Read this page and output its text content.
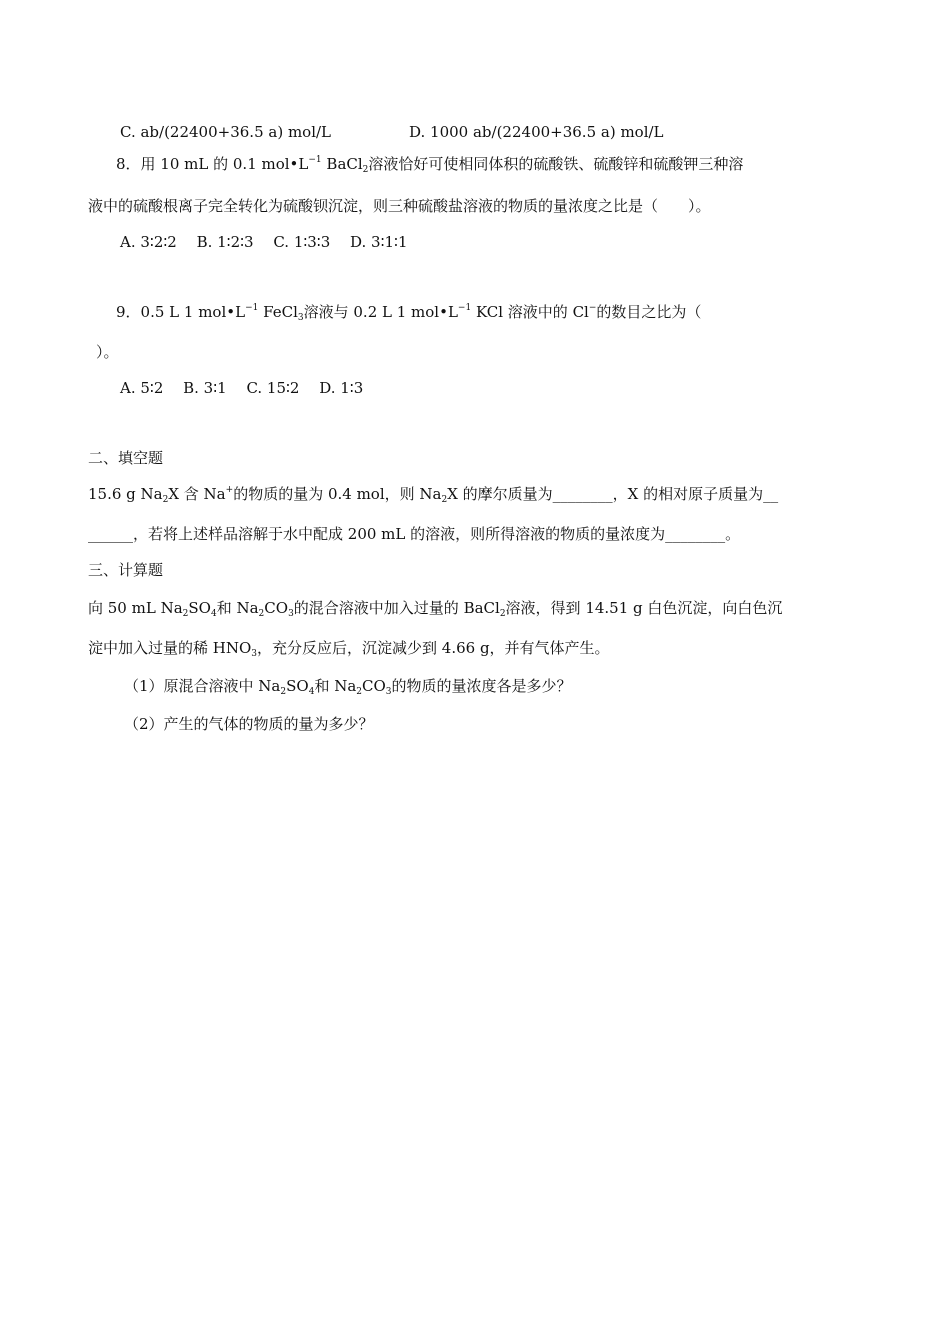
C. ab/(22400+36.5 a) mol/L	D. 1000 ab/(22400+36.5 a) mol/L
8．用 10 mL 的 0.1 $mol•L^{-1}$ BaCl$_2$溶液恰好可使相同体积的硫酸铁、硫酸锌和硫酸钾三种溶
液中的硫酸根离子完全转化为硫酸钡沉淀，则三种硫酸盐溶液的物质的量浓度之比是（　　）。
A. 3∶2∶2　 B. 1∶2∶3　 C. 1∶3∶3　 D. 3∶1∶1
9．0.5 L 1 $mol•L^{-1}$ FeCl$_3$溶液与 0.2 L 1 $mol•L^{-1}$ KCl 溶液中的 Cl−的数目之比为（
）。
A. 5∶2　 B. 3∶1　 C. 15∶2　 D. 1∶3
二、填空题
15.6 g $Na_2X$ 含 Na+的物质的量为 0.4 mol，则 $Na_2X$ 的摩尔质量为________，X 的相对原子质量为__
______，若将上述样品溶解于水中配成 200 mL 的溶液，则所得溶液的物质的量浓度为________。
三、计算题
向 50 mL $Na_2SO_4$和 $Na_2CO_3$的混合溶液中加入过量的 BaCl$_2$溶液，得到 14.51 g 白色沉淀，向白色沉
淀中加入过量的稀 $HNO_3$，充分反应后，沉淀减少到 4.66 g，并有气体产生。
（1）原混合溶液中 $Na_2SO_4$和 $Na_2CO_3$的物质的量浓度各是多少？
（2）产生的气体的物质的量为多少？
